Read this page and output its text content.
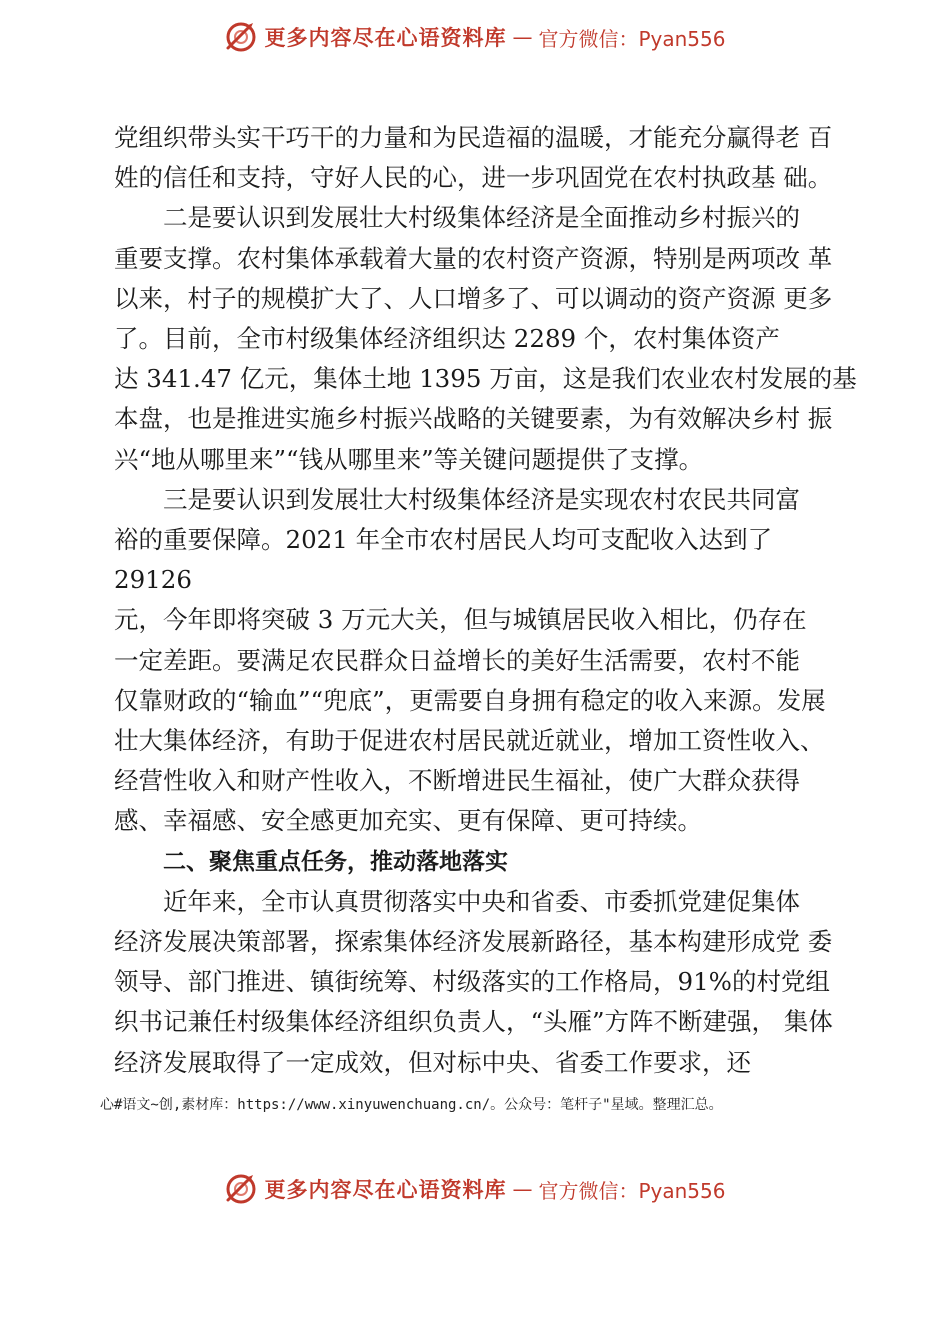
更多内容尽在心语资料库 — 官方微信：Pyan556

党组织带头实干巧干的力量和为民造福的温暖，才能充分赢得老 百
姓的信任和支持，守好人民的心，进一步巩固党在农村执政基 础。

二是要认识到发展壮大村级集体经济是全面推动乡村振兴的
重要支撑。农村集体承载着大量的农村资产资源，特别是两项改 革
以来，村子的规模扩大了、人口增多了、可以调动的资产资源 更多
了。目前，全市村级集体经济组织达 2289 个，农村集体资产
达 341.47 亿元，集体土地 1395 万亩，这是我们农业农村发展的基
本盘，也是推进实施乡村振兴战略的关键要素，为有效解决乡村 振
兴“地从哪里来”“钱从哪里来”等关键问题提供了支撑。

三是要认识到发展壮大村级集体经济是实现农村农民共同富
裕的重要保障。2021 年全市农村居民人均可支配收入达到了
29126
元，今年即将突破 3 万元大关，但与城镇居民收入相比，仍存在
一定差距。要满足农民群众日益增长的美好生活需要，农村不能
仅靠财政的“输血”“兜底”，更需要自身拥有稳定的收入来源。发展
壮大集体经济，有助于促进农村居民就近就业，增加工资性收入、
经营性收入和财产性收入，不断增进民生福祉，使广大群众获得
感、幸福感、安全感更加充实、更有保障、更可持续。

二、聚焦重点任务，推动落地落实

近年来，全市认真贯彻落实中央和省委、市委抓党建促集体
经济发展决策部署，探索集体经济发展新路径，基本构建形成党 委
领导、部门推进、镇街统筹、村级落实的工作格局，91%的村党组
织书记兼任村级集体经济组织负责人，“头雁”方阵不断建强， 集体
经济发展取得了一定成效，但对标中央、省委工作要求，还

心#语文~创,素材库：https://www.xinyuwenchuang.cn/。公众号：笔杆子"星域。整理汇总。
更多内容尽在心语资料库 — 官方微信：Pyan556
